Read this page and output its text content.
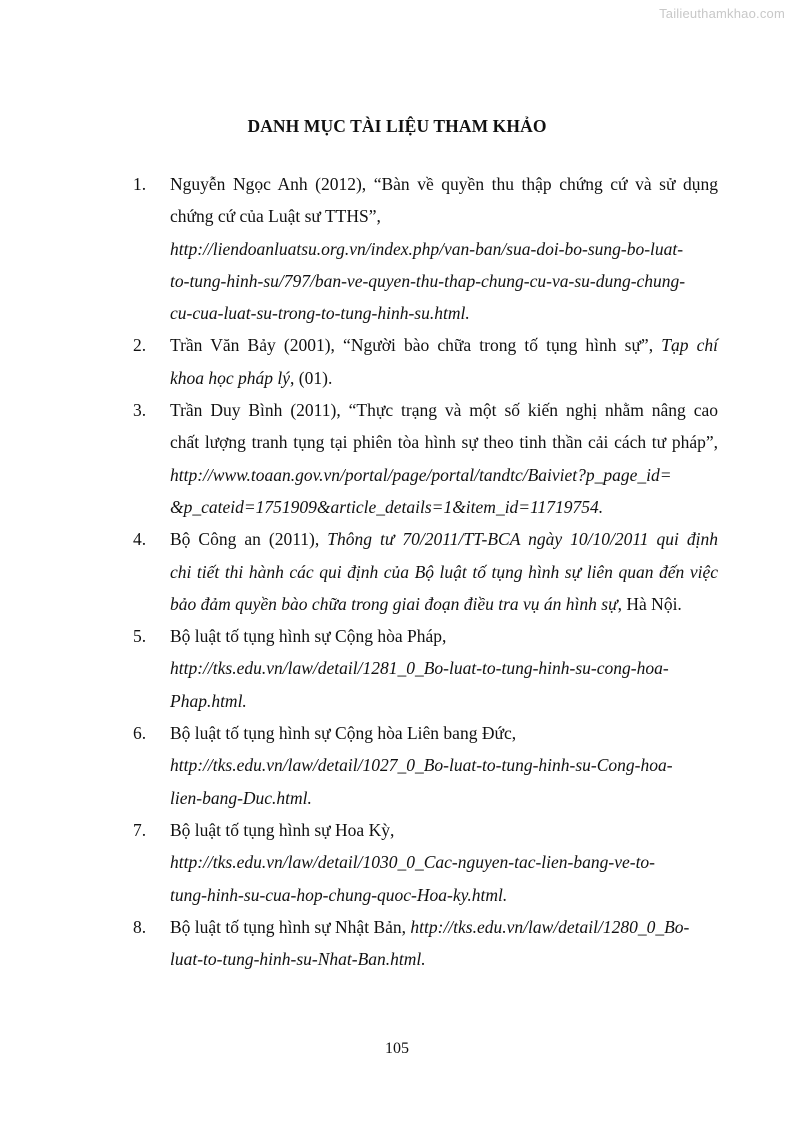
Tailieuthamkhao.com
DANH MỤC TÀI LIỆU THAM KHẢO
1. Nguyễn Ngọc Anh (2012), “Bàn về quyền thu thập chứng cứ và sử dụng
chứng cứ của Luật sư TTHS”,
http://liendoanluatsu.org.vn/index.php/van-ban/sua-doi-bo-sung-bo-luat-
to-tung-hinh-su/797/ban-ve-quyen-thu-thap-chung-cu-va-su-dung-chung-
cu-cua-luat-su-trong-to-tung-hinh-su.html.
2. Trần Văn Bảy (2001), “Người bào chữa trong tố tụng hình sự”, Tạp chí
khoa học pháp lý, (01).
3. Trần Duy Bình (2011), “Thực trạng và một số kiến nghị nhằm nâng cao
chất lượng tranh tụng tại phiên tòa hình sự theo tinh thần cải cách tư pháp”,
http://www.toaan.gov.vn/portal/page/portal/tandtc/Baiviet?p_page_id=
&p_cateid=1751909&article_details=1&item_id=11719754.
4. Bộ Công an (2011), Thông tư 70/2011/TT-BCA ngày 10/10/2011 qui định
chi tiết thi hành các qui định của Bộ luật tố tụng hình sự liên quan đến việc
bảo đảm quyền bào chữa trong giai đoạn điều tra vụ án hình sự, Hà Nội.
5. Bộ luật tố tụng hình sự Cộng hòa Pháp,
http://tks.edu.vn/law/detail/1281_0_Bo-luat-to-tung-hinh-su-cong-hoa-
Phap.html.
6. Bộ luật tố tụng hình sự Cộng hòa Liên bang Đức,
http://tks.edu.vn/law/detail/1027_0_Bo-luat-to-tung-hinh-su-Cong-hoa-
lien-bang-Duc.html.
7. Bộ luật tố tụng hình sự Hoa Kỳ,
http://tks.edu.vn/law/detail/1030_0_Cac-nguyen-tac-lien-bang-ve-to-
tung-hinh-su-cua-hop-chung-quoc-Hoa-ky.html.
8. Bộ luật tố tụng hình sự Nhật Bản, http://tks.edu.vn/law/detail/1280_0_Bo-
luat-to-tung-hinh-su-Nhat-Ban.html.
105
